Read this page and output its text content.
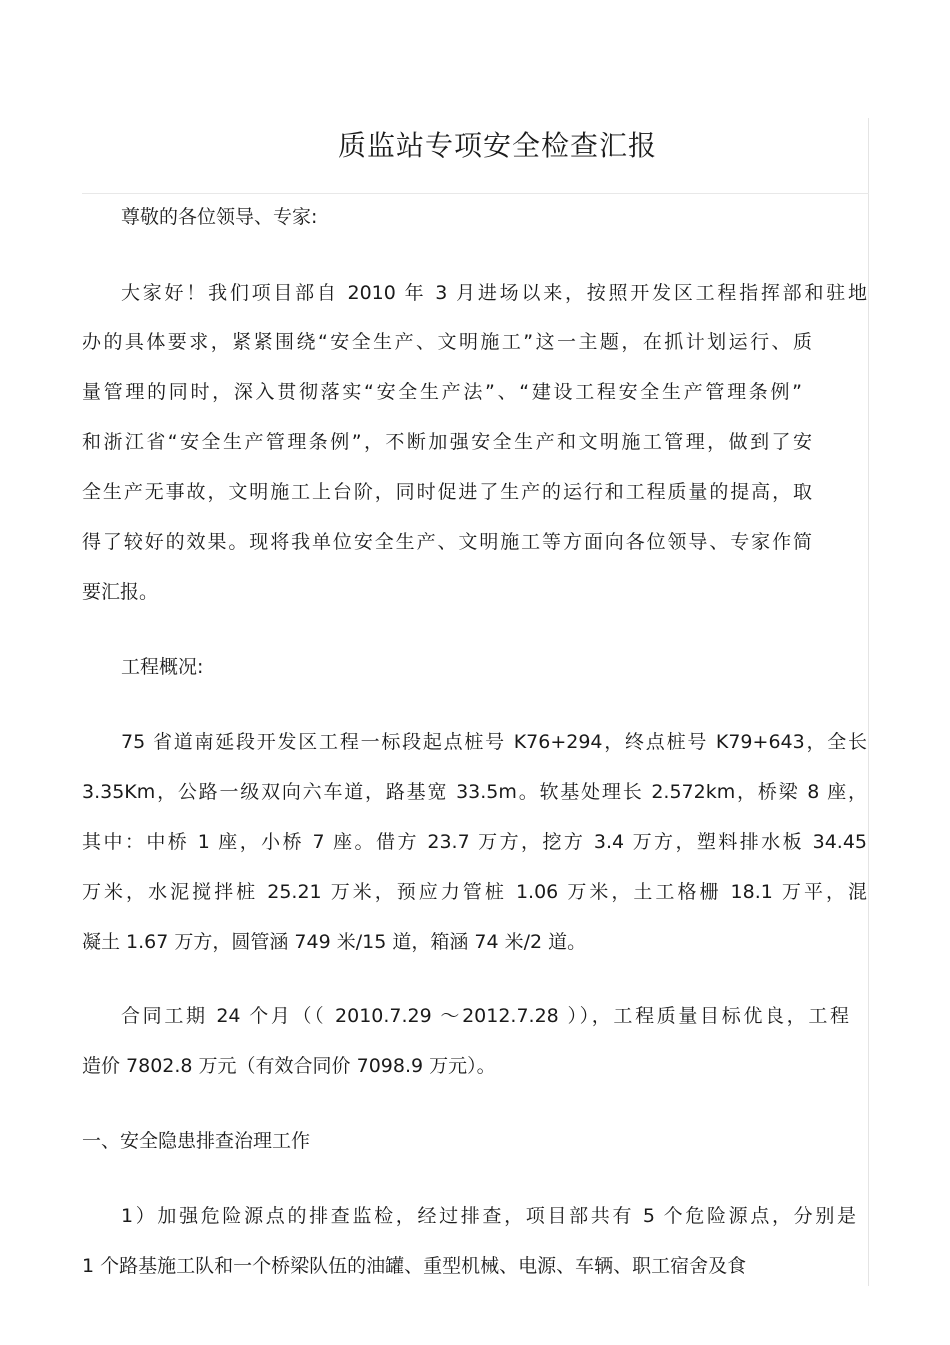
质监站专项安全检查汇报
尊敬的各位领导、专家:
大家好！我们项目部自 2010 年 3 月进场以来，按照开发区工程指挥部和驻地
办的具体要求，紧紧围绕“安全生产、文明施工”这一主题，在抓计划运行、质
量管理的同时，深入贯彻落实“安全生产法”、“建设工程安全生产管理条例”
和浙江省“安全生产管理条例”，不断加强安全生产和文明施工管理，做到了安
全生产无事故，文明施工上台阶，同时促进了生产的运行和工程质量的提高，取
得了较好的效果。现将我单位安全生产、文明施工等方面向各位领导、专家作简
要汇报。
工程概况:
75 省道南延段开发区工程一标段起点桩号 K76+294，终点桩号 K79+643，全长
3.35Km，公路一级双向六车道，路基宽 33.5m。软基处理长 2.572km，桥梁 8 座，
其中：中桥 1 座，小桥 7 座。借方 23.7 万方，挖方 3.4 万方，塑料排水板 34.45
万米，水泥搅拌桩 25.21 万米，预应力管桩 1.06 万米，土工格栅 18.1 万平，混
凝土 1.67 万方，圆管涵 749 米/15 道，箱涵 74 米/2 道。
合同工期 24 个月（（ 2010.7.29 ～2012.7.28 ）），工程质量目标优良，工程
造价 7802.8 万元（有效合同价 7098.9 万元）。
一、安全隐患排查治理工作
1）加强危险源点的排查监检，经过排查，项目部共有 5 个危险源点，分别是
1 个路基施工队和一个桥梁队伍的油罐、重型机械、电源、车辆、职工宿舍及食
